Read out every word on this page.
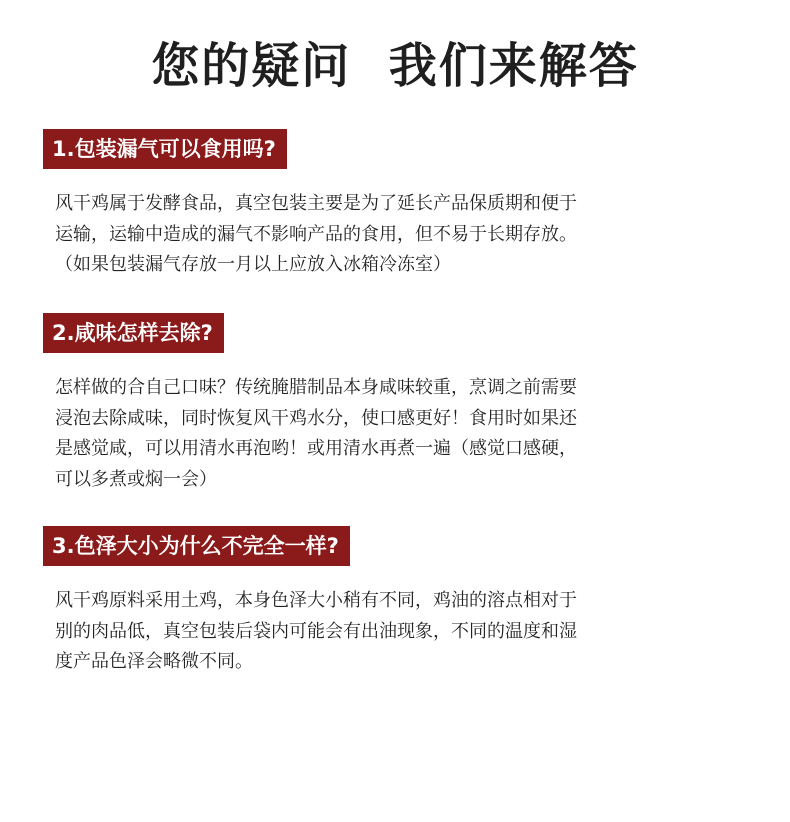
您的疑问  我们来解答
1.包装漏气可以食用吗?
风干鸡属于发酵食品，真空包装主要是为了延长产品保质期和便于
运输，运输中造成的漏气不影响产品的食用，但不易于长期存放。
（如果包装漏气存放一月以上应放入冰箱冷冻室）
2.咸味怎样去除?
怎样做的合自己口味？传统腌腊制品本身咸味较重，烹调之前需要
浸泡去除咸味，同时恢复风干鸡水分，使口感更好！食用时如果还
是感觉咸，可以用清水再泡哟！或用清水再煮一遍（感觉口感硬，
可以多煮或焖一会）
3.色泽大小为什么不完全一样?
风干鸡原料采用土鸡，本身色泽大小稍有不同，鸡油的溶点相对于
别的肉品低，真空包装后袋内可能会有出油现象，不同的温度和湿
度产品色泽会略微不同。
